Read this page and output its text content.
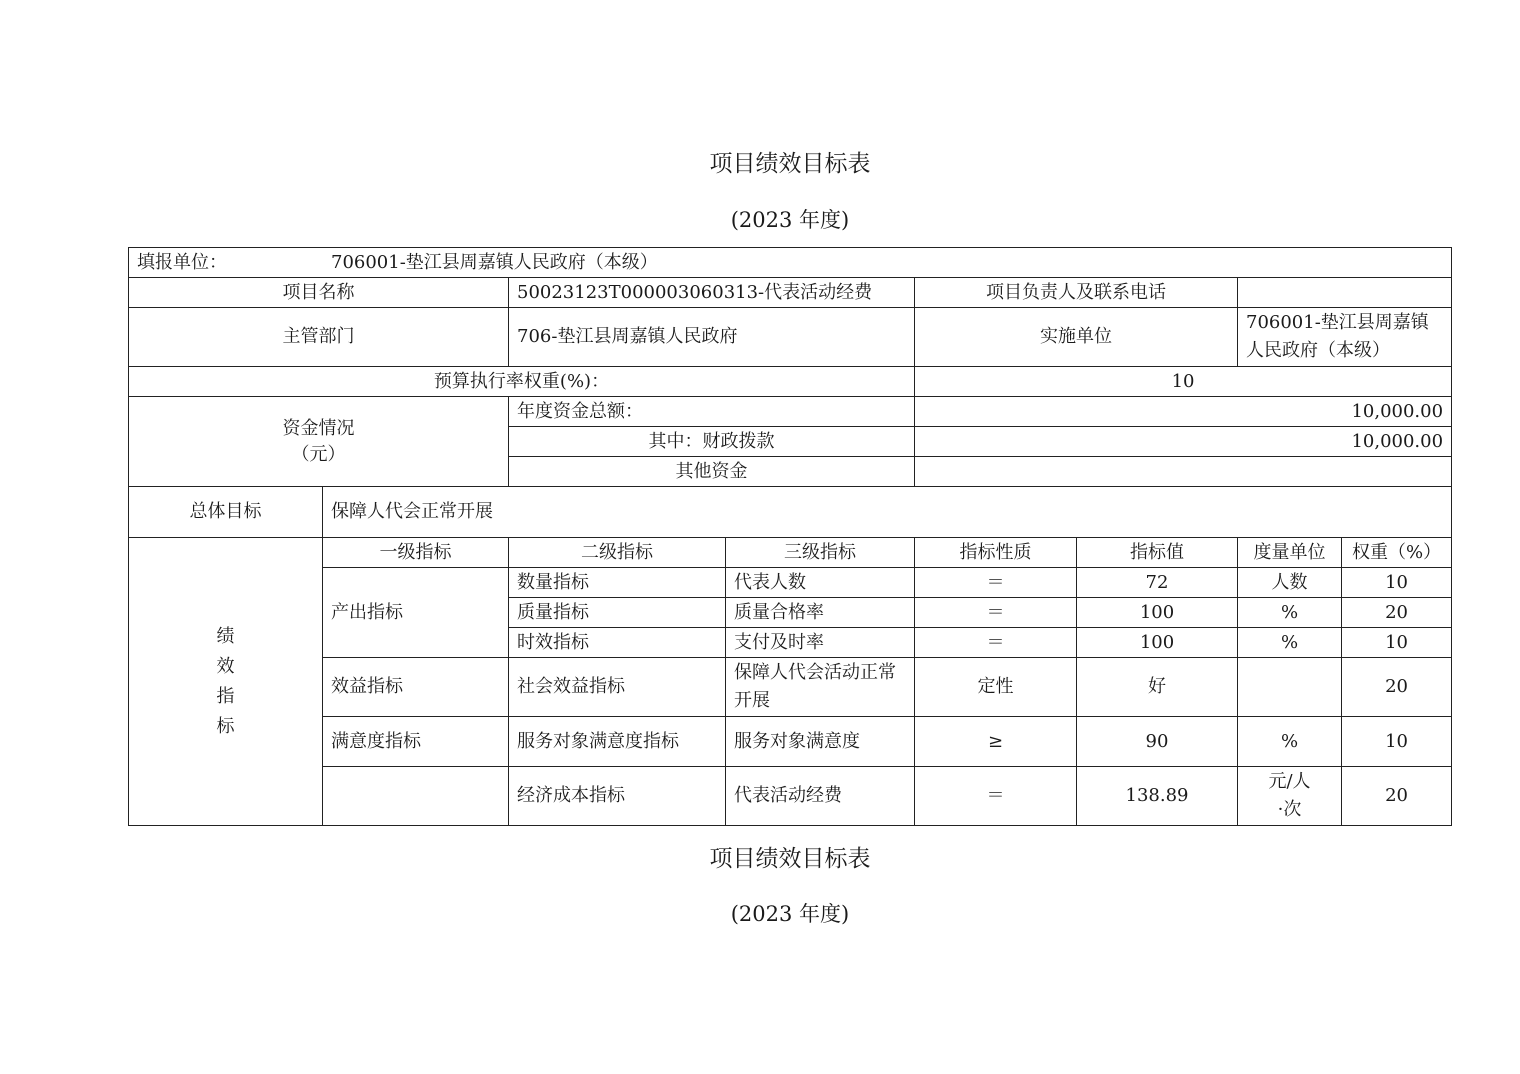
项目绩效目标表
(2023 年度)
填报单位： 706001-垫江县周嘉镇人民政府（本级）							
项目名称		50023123T000003060313-代表活动经费		项目负责人及联系电话			
主管部门		706-垫江县周嘉镇人民政府		实施单位		706001-垫江县周嘉镇人民政府（本级）	
预算执行率权重(%)：				10			

资金情况
（元）		年度资金总额：		10,000.00			
		其中：财政拨款		10,000.00			
		其他资金					
总体目标	保障人代会正常开展						

绩
效
指
标	一级指标	二级指标	三级指标	指标性质	指标值	度量单位	权重（%）
	产出指标	数量指标	代表人数	＝	72	人数	10
		质量指标	质量合格率	＝	100	%	20
		时效指标	支付及时率	＝	100	%	10
	效益指标	社会效益指标	保障人代会活动正常开展	定性	好		20
	满意度指标	服务对象满意度指标	服务对象满意度	≥	90	%	10
		经济成本指标	代表活动经费	＝	138.89	元/人·次	20
项目绩效目标表
(2023 年度)
